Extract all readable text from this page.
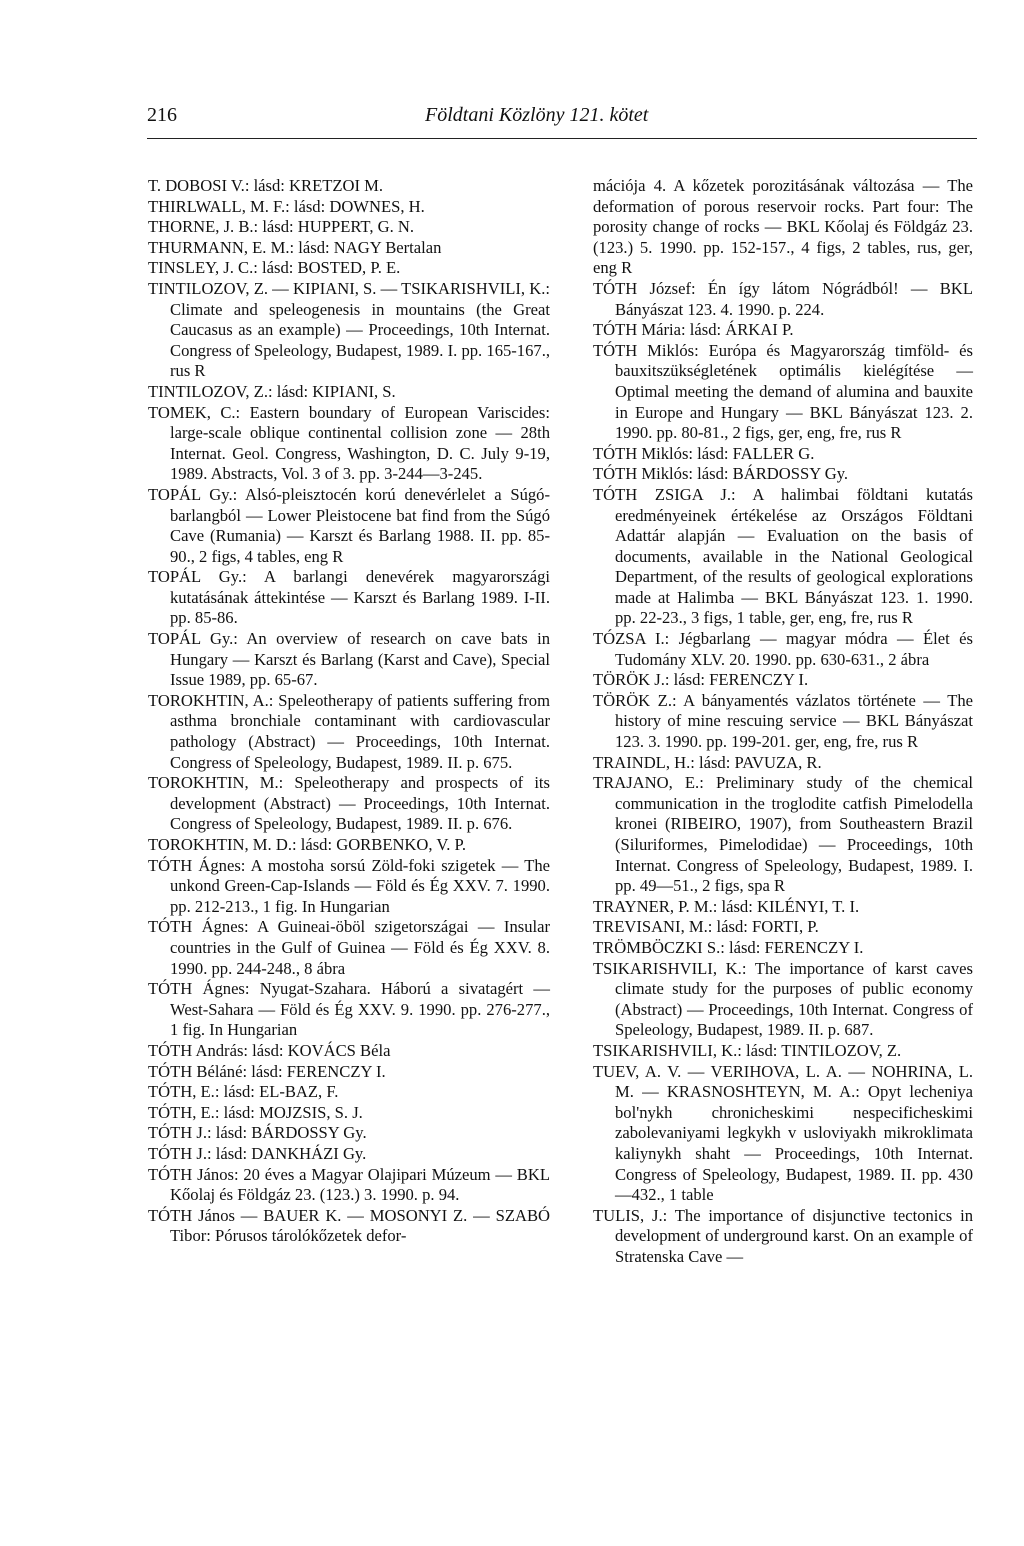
216	Földtani Közlöny 121. kötet

T. DOBOSI V.: lásd: KRETZOI M.

THIRLWALL, M. F.: lásd: DOWNES, H.

THORNE, J. B.: lásd: HUPPERT, G. N.

THURMANN, E. M.: lásd: NAGY Bertalan

TINSLEY, J. C.: lásd: BOSTED, P. E.

TINTILOZOV, Z. — KIPIANI, S. — TSIKARISHVILI, K.: Climate and speleogenesis in mountains (the Great Caucasus as an example) — Proceedings, 10th Internat. Congress of Speleology, Budapest, 1989. I. pp. 165-167., rus R

TINTILOZOV, Z.: lásd: KIPIANI, S.

TOMEK, C.: Eastern boundary of European Variscides: large-scale oblique continental collision zone — 28th Internat. Geol. Congress, Washington, D. C. July 9-19, 1989. Abstracts, Vol. 3 of 3. pp. 3-244—3-245.

TOPÁL Gy.: Alsó-pleisztocén korú denevérlelet a Súgó-barlangból — Lower Pleistocene bat find from the Súgó Cave (Rumania) — Karszt és Barlang 1988. II. pp. 85-90., 2 figs, 4 tables, eng R

TOPÁL Gy.: A barlangi denevérek magyarországi kutatásának áttekintése — Karszt és Barlang 1989. I-II. pp. 85-86.

TOPÁL Gy.: An overview of research on cave bats in Hungary — Karszt és Barlang (Karst and Cave), Special Issue 1989, pp. 65-67.

TOROKHTIN, A.: Speleotherapy of patients suffering from asthma bronchiale contaminant with cardiovascular pathology (Abstract) — Proceedings, 10th Internat. Congress of Speleology, Budapest, 1989. II. p. 675.

TOROKHTIN, M.: Speleotherapy and prospects of its development (Abstract) — Proceedings, 10th Internat. Congress of Speleology, Budapest, 1989. II. p. 676.

TOROKHTIN, M. D.: lásd: GORBENKO, V. P.

TÓTH Ágnes: A mostoha sorsú Zöld-foki szigetek — The unkond Green-Cap-Islands — Föld és Ég XXV. 7. 1990. pp. 212-213., 1 fig. In Hungarian

TÓTH Ágnes: A Guineai-öböl szigetországai — Insular countries in the Gulf of Guinea — Föld és Ég XXV. 8. 1990. pp. 244-248., 8 ábra

TÓTH Ágnes: Nyugat-Szahara. Háború a sivatagért — West-Sahara — Föld és Ég XXV. 9. 1990. pp. 276-277., 1 fig. In Hungarian

TÓTH András: lásd: KOVÁCS Béla

TÓTH Béláné: lásd: FERENCZY I.

TÓTH, E.: lásd: EL-BAZ, F.

TÓTH, E.: lásd: MOJZSIS, S. J.

TÓTH J.: lásd: BÁRDOSSY Gy.

TÓTH J.: lásd: DANKHÁZI Gy.

TÓTH János: 20 éves a Magyar Olajipari Múzeum — BKL Kőolaj és Földgáz 23. (123.) 3. 1990. p. 94.

TÓTH János — BAUER K. — MOSONYI Z. — SZABÓ Tibor: Pórusos tárolókőzetek defor-

mációja 4. A kőzetek porozitásának változása — The deformation of porous reservoir rocks. Part four: The porosity change of rocks — BKL Kőolaj és Földgáz 23. (123.) 5. 1990. pp. 152-157., 4 figs, 2 tables, rus, ger, eng R

TÓTH József: Én így látom Nógrádból! — BKL Bányászat 123. 4. 1990. p. 224.

TÓTH Mária: lásd: ÁRKAI P.

TÓTH Miklós: Európa és Magyarország timföld- és bauxitszükségletének optimális kielégítése — Optimal meeting the demand of alumina and bauxite in Europe and Hungary — BKL Bányászat 123. 2. 1990. pp. 80-81., 2 figs, ger, eng, fre, rus R

TÓTH Miklós: lásd: FALLER G.

TÓTH Miklós: lásd: BÁRDOSSY Gy.

TÓTH ZSIGA J.: A halimbai földtani kutatás eredményeinek értékelése az Országos Földtani Adattár alapján — Evaluation on the basis of documents, available in the National Geological Department, of the results of geological explorations made at Halimba — BKL Bányászat 123. 1. 1990. pp. 22-23., 3 figs, 1 table, ger, eng, fre, rus R

TÓZSA I.: Jégbarlang — magyar módra — Élet és Tudomány XLV. 20. 1990. pp. 630-631., 2 ábra

TÖRÖK J.: lásd: FERENCZY I.

TÖRÖK Z.: A bányamentés vázlatos története — The history of mine rescuing service — BKL Bányászat 123. 3. 1990. pp. 199-201. ger, eng, fre, rus R

TRAINDL, H.: lásd: PAVUZA, R.

TRAJANO, E.: Preliminary study of the chemical communication in the troglodite catfish Pimelodella kronei (RIBEIRO, 1907), from Southeastern Brazil (Siluriformes, Pimelodidae) — Proceedings, 10th Internat. Congress of Speleology, Budapest, 1989. I. pp. 49—51., 2 figs, spa R

TRAYNER, P. M.: lásd: KILÉNYI, T. I.

TREVISANI, M.: lásd: FORTI, P.

TRÖMBÖCZKI S.: lásd: FERENCZY I.

TSIKARISHVILI, K.: The importance of karst caves climate study for the purposes of public economy (Abstract) — Proceedings, 10th Internat. Congress of Speleology, Budapest, 1989. II. p. 687.

TSIKARISHVILI, K.: lásd: TINTILOZOV, Z.

TUEV, A. V. — VERIHOVA, L. A. — NOHRINA, L. M. — KRASNOSHTEYN, M. A.: Opyt lecheniya bol'nykh chronicheskimi nespecificheskimi zabolevaniyami legkykh v usloviyakh mikroklimata kaliynykh shaht — Proceedings, 10th Internat. Congress of Speleology, Budapest, 1989. II. pp. 430—432., 1 table

TULIS, J.: The importance of disjunctive tectonics in development of underground karst. On an example of Stratenska Cave —
